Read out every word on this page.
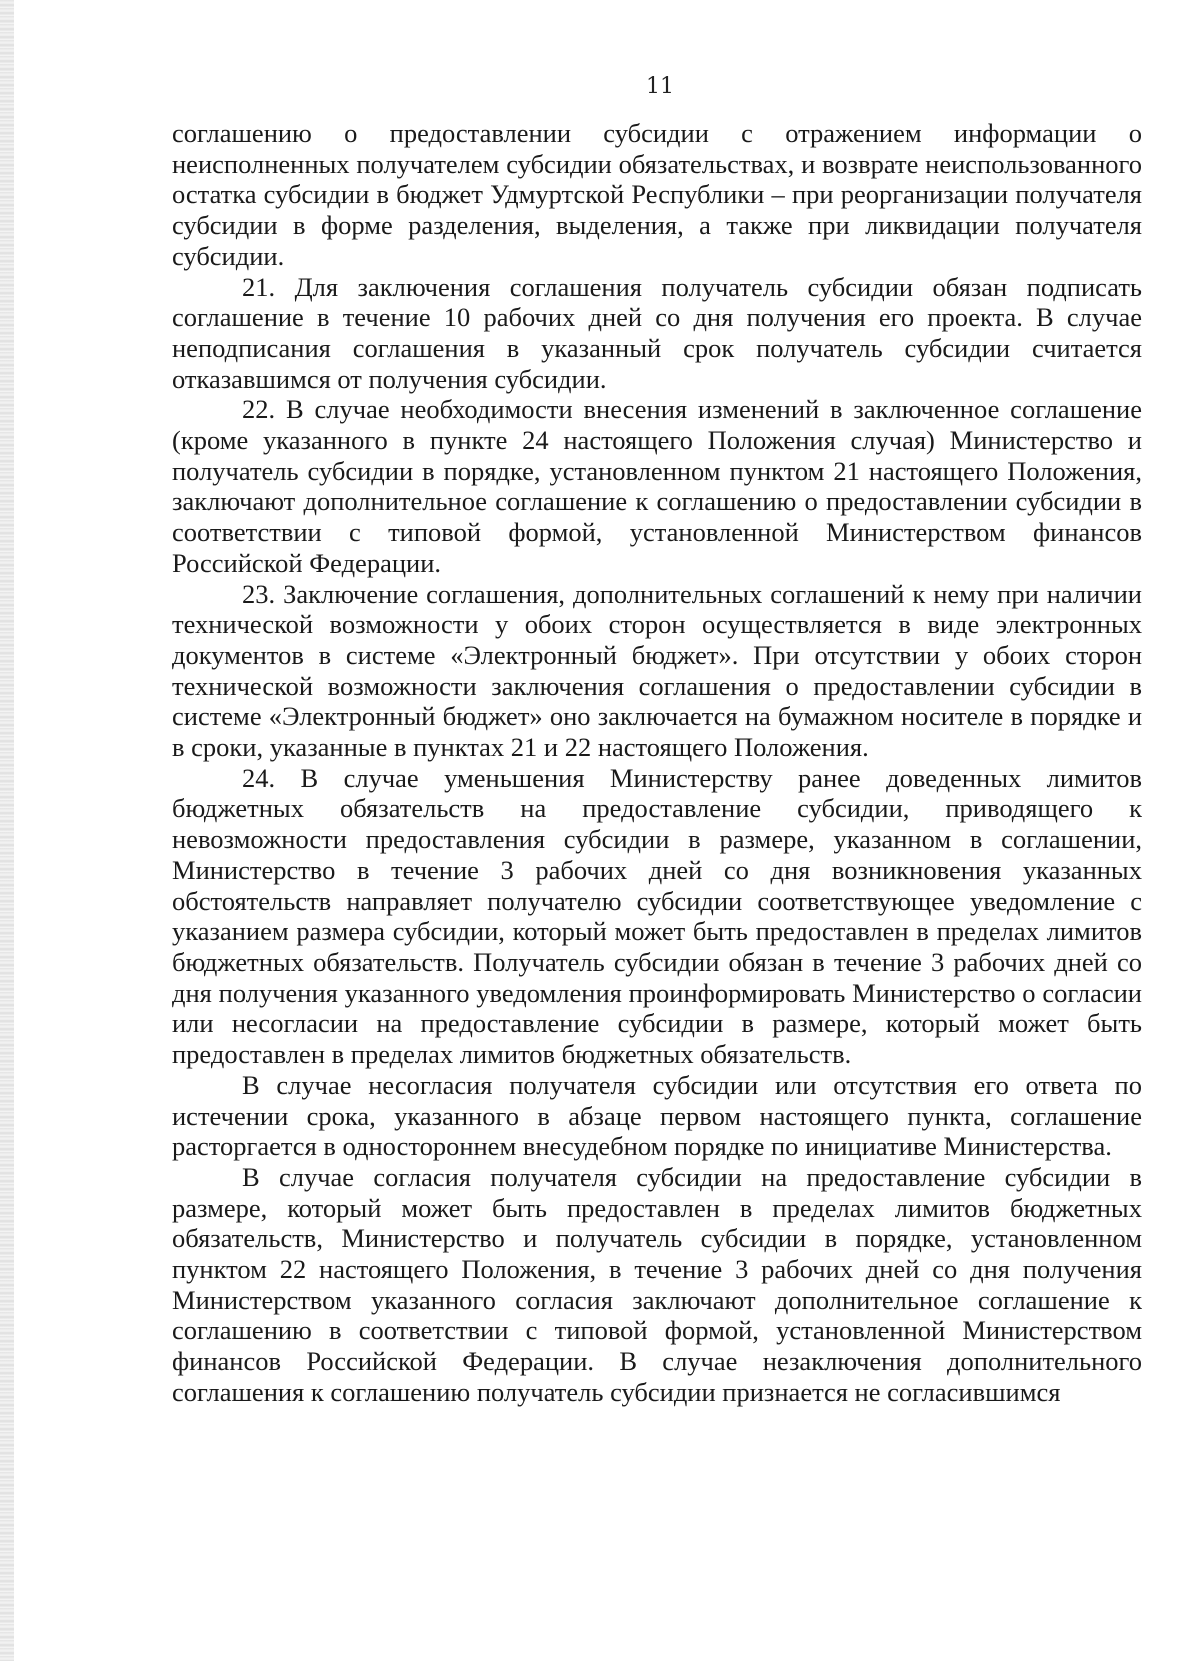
11

соглашению о предоставлении субсидии с отражением информации о неисполненных получателем субсидии обязательствах, и возврате неиспользованного остатка субсидии в бюджет Удмуртской Республики – при реорганизации получателя субсидии в форме разделения, выделения, а также при ликвидации получателя субсидии.

21. Для заключения соглашения получатель субсидии обязан подписать соглашение в течение 10 рабочих дней со дня получения его проекта. В случае неподписания соглашения в указанный срок получатель субсидии считается отказавшимся от получения субсидии.

22. В случае необходимости внесения изменений в заключенное соглашение (кроме указанного в пункте 24 настоящего Положения случая) Министерство и получатель субсидии в порядке, установленном пунктом 21 настоящего Положения, заключают дополнительное соглашение к соглашению о предоставлении субсидии в соответствии с типовой формой, установленной Министерством финансов Российской Федерации.

23. Заключение соглашения, дополнительных соглашений к нему при наличии технической возможности у обоих сторон осуществляется в виде электронных документов в системе «Электронный бюджет». При отсутствии у обоих сторон технической возможности заключения соглашения о предоставлении субсидии в системе «Электронный бюджет» оно заключается на бумажном носителе в порядке и в сроки, указанные в пунктах 21 и 22 настоящего Положения.

24. В случае уменьшения Министерству ранее доведенных лимитов бюджетных обязательств на предоставление субсидии, приводящего к невозможности предоставления субсидии в размере, указанном в соглашении, Министерство в течение 3 рабочих дней со дня возникновения указанных обстоятельств направляет получателю субсидии соответствующее уведомление с указанием размера субсидии, который может быть предоставлен в пределах лимитов бюджетных обязательств. Получатель субсидии обязан в течение 3 рабочих дней со дня получения указанного уведомления проинформировать Министерство о согласии или несогласии на предоставление субсидии в размере, который может быть предоставлен в пределах лимитов бюджетных обязательств.

В случае несогласия получателя субсидии или отсутствия его ответа по истечении срока, указанного в абзаце первом настоящего пункта, соглашение расторгается в одностороннем внесудебном порядке по инициативе Министерства.

В случае согласия получателя субсидии на предоставление субсидии в размере, который может быть предоставлен в пределах лимитов бюджетных обязательств, Министерство и получатель субсидии в порядке, установленном пунктом 22 настоящего Положения, в течение 3 рабочих дней со дня получения Министерством указанного согласия заключают дополнительное соглашение к соглашению в соответствии с типовой формой, установленной Министерством финансов Российской Федерации. В случае незаключения дополнительного соглашения к соглашению получатель субсидии признается не согласившимся
